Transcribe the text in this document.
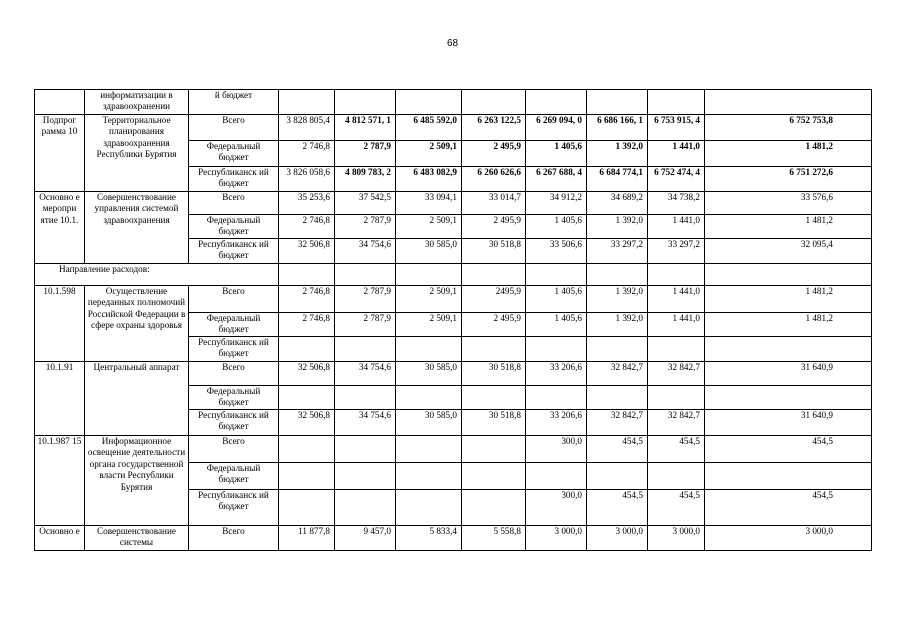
68
	информатизации в здравоохранении	й бюджет								
Подпрог рамма 10	Территориальное планирования здравоохранения Республики Бурятия	Всего	3 828 805,4	4 812 571, 1	6 485 592,0	6 263 122,5	6 269 094, 0	6 686 166, 1	6 753 915, 4	6 752 753,8
		Федеральный бюджет	2 746,8	2 787,9	2 509,1	2 495,9	1 405,6	1 392,0	1 441,0	1 481,2
		Республиканск ий бюджет	3 826 058,6	4 809 783, 2	6 483 082,9	6 260 626,6	6 267 688, 4	6 684 774,1	6 752 474, 4	6 751 272,6
Основно е меропри ятие 10.1.	Совершенствование управления системой здравоохранения	Всего	35 253,6	37 542,5	33 094,1	33 014,7	34 912,2	34 689,2	34 738,2	33 576,6
		Федеральный бюджет	2 746,8	2 787,9	2 509,1	2 495,9	1 405,6	1 392,0	1 441,0	1 481,2
		Республиканск ий бюджет	32 506,8	34 754,6	30 585,0	30 518,8	33 506,6	33 297,2	33 297,2	32 095,4
Направление расходов:										
10.1.598	Осуществление переданных полномочий Российской Федерации в сфере охраны здоровья	Всего	2 746,8	2 787,9	2 509,1	2495,9	1 405,6	1 392,0	1 441,0	1 481,2
		Федеральный бюджет	2 746,8	2 787,9	2 509,1	2 495,9	1 405,6	1 392,0	1 441,0	1 481,2
		Республиканск ий бюджет								
10.1.91	Центральный аппарат	Всего	32 506,8	34 754,6	30 585,0	30 518,8	33 206,6	32 842,7	32 842,7	31 640,9
		Федеральный бюджет								
		Республиканск ий бюджет	32 506,8	34 754,6	30 585,0	30 518,8	33 206,6	32 842,7	32 842,7	31 640,9
10.1.987 15	Информационное освещение деятельности органа государственной власти Республики Бурятия	Всего					300,0	454,5	454,5	454,5
		Федеральный бюджет								
		Республиканск ий бюджет					300,0	454,5	454,5	454,5
Основно е	Совершенствование системы	Всего	11 877,8	9 457,0	5 833,4	5 558,8	3 000,0	3 000,0	3 000,0	3 000,0
